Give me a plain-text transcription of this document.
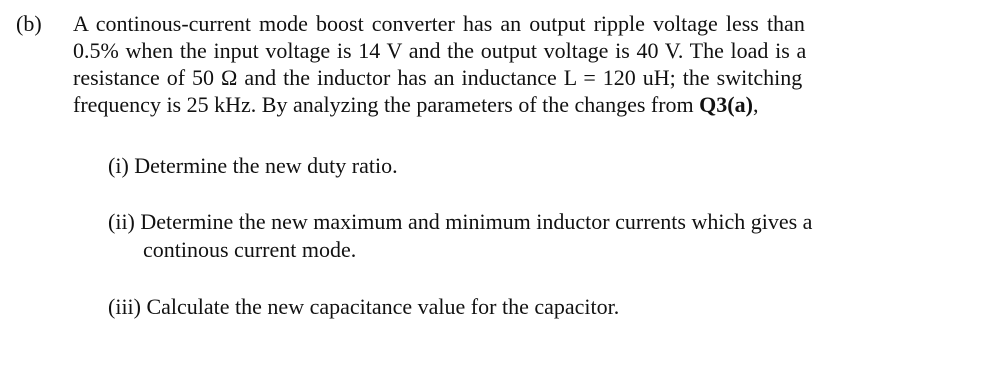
(b) A continous-current mode boost converter has an output ripple voltage less than
0.5% when the input voltage is 14 V and the output voltage is 40 V. The load is a
resistance of 50 Ω and the inductor has an inductance L = 120 uH; the switching
frequency is 25 kHz. By analyzing the parameters of the changes from Q3(a),
(i) Determine the new duty ratio.
(ii) Determine the new maximum and minimum inductor currents which gives a
continous current mode.
(iii) Calculate the new capacitance value for the capacitor.
